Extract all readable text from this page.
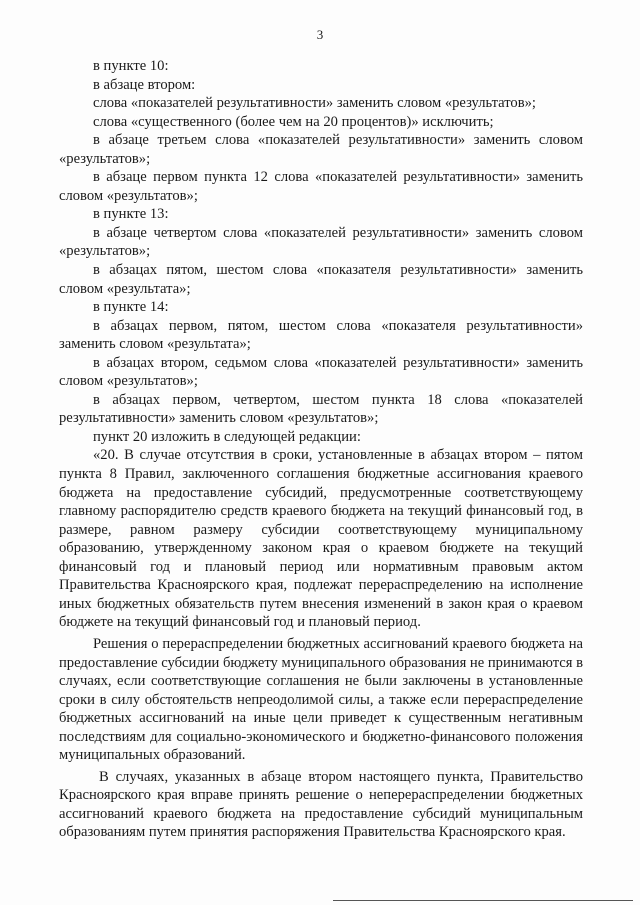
3

в пункте 10:

в абзаце втором:

слова «показателей результативности» заменить словом «результатов»;

слова «существенного (более чем на 20 процентов)» исключить;

в абзаце третьем слова «показателей результативности» заменить словом «результатов»;

в абзаце первом пункта 12 слова «показателей результативности» заменить словом «результатов»;

в пункте 13:

в абзаце четвертом слова «показателей результативности» заменить словом «результатов»;

в абзацах пятом, шестом слова «показателя результативности» заменить словом «результата»;

в пункте 14:

в абзацах первом, пятом, шестом слова «показателя результативности» заменить словом «результата»;

в абзацах втором, седьмом слова «показателей результативности» заменить словом «результатов»;

в абзацах первом, четвертом, шестом пункта 18 слова «показателей результативности» заменить словом «результатов»;

пункт 20 изложить в следующей редакции:

«20. В случае отсутствия в сроки, установленные в абзацах втором – пятом пункта 8 Правил, заключенного соглашения бюджетные ассигнования краевого бюджета на предоставление субсидий, предусмотренные соответствующему главному распорядителю средств краевого бюджета на текущий финансовый год, в размере, равном размеру субсидии соответствующему муниципальному образованию, утвержденному законом края о краевом бюджете на текущий финансовый год и плановый период или нормативным правовым актом Правительства Красноярского края, подлежат перераспределению на исполнение иных бюджетных обязательств путем внесения изменений в закон края о краевом бюджете на текущий финансовый год и плановый период.

Решения о перераспределении бюджетных ассигнований краевого бюджета на предоставление субсидии бюджету муниципального образования не принимаются в случаях, если соответствующие соглашения не были заключены в установленные сроки в силу обстоятельств непреодолимой силы, а также если перераспределение бюджетных ассигнований на иные цели приведет к существенным негативным последствиям для социально-экономического и бюджетно-финансового положения муниципальных образований.

В случаях, указанных в абзаце втором настоящего пункта, Правительство Красноярского края вправе принять решение о неперераспределении бюджетных ассигнований краевого бюджета на предоставление субсидий муниципальным образованиям путем принятия распоряжения Правительства Красноярского края.
